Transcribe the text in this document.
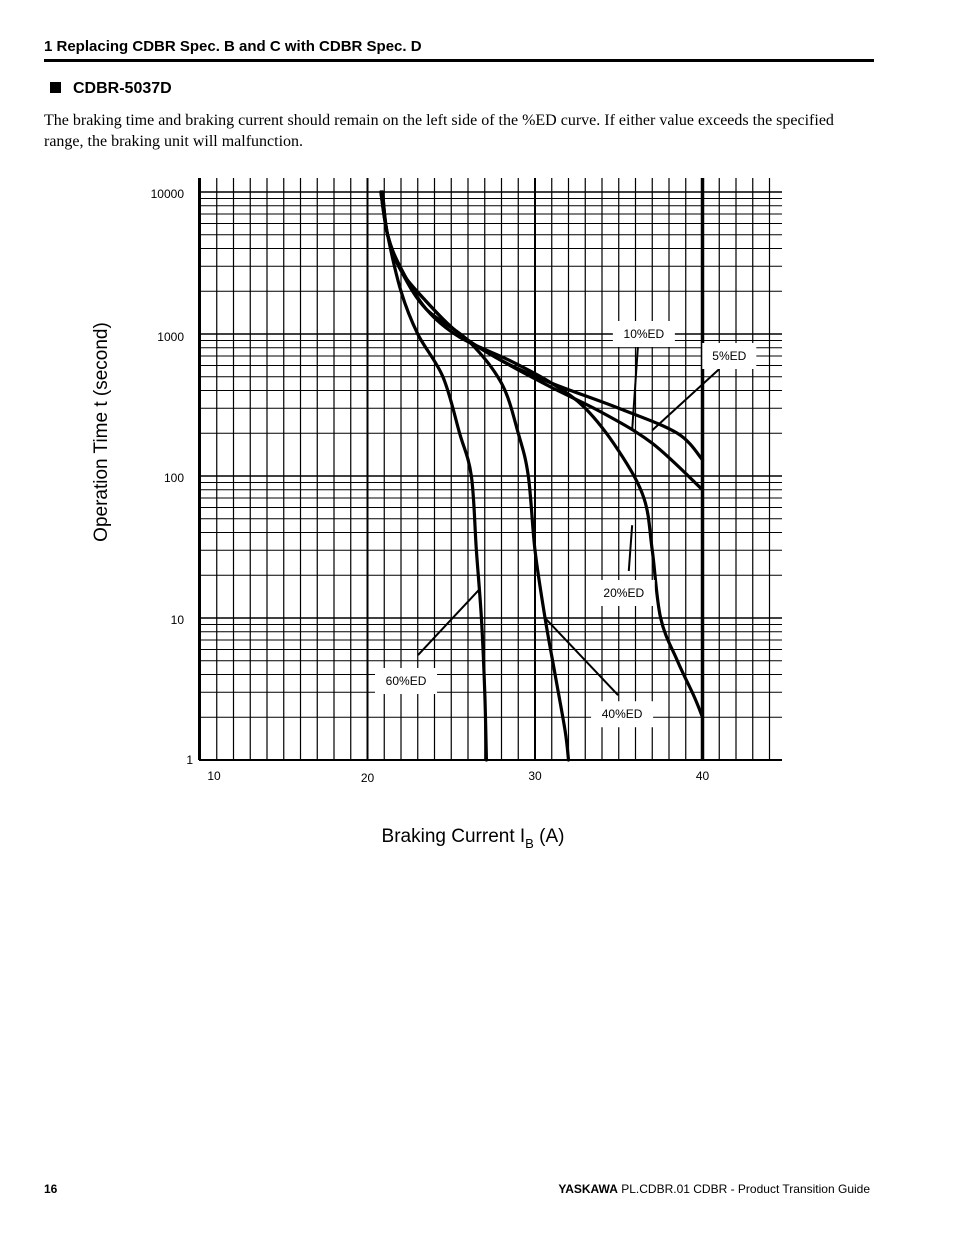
1 Replacing CDBR Spec. B and C with CDBR Spec. D
CDBR-5037D
The braking time and braking current should remain on the left side of the %ED curve. If either value exceeds the specified range, the braking unit will malfunction.
10	20	30	40
10000
1000
100
10
1
Braking Current $I_B$ (A)
Operation Time t (second)	10%ED
5%ED
20%ED
40%ED
60%ED
16	YASKAWA PL.CDBR.01 CDBR - Product Transition Guide
